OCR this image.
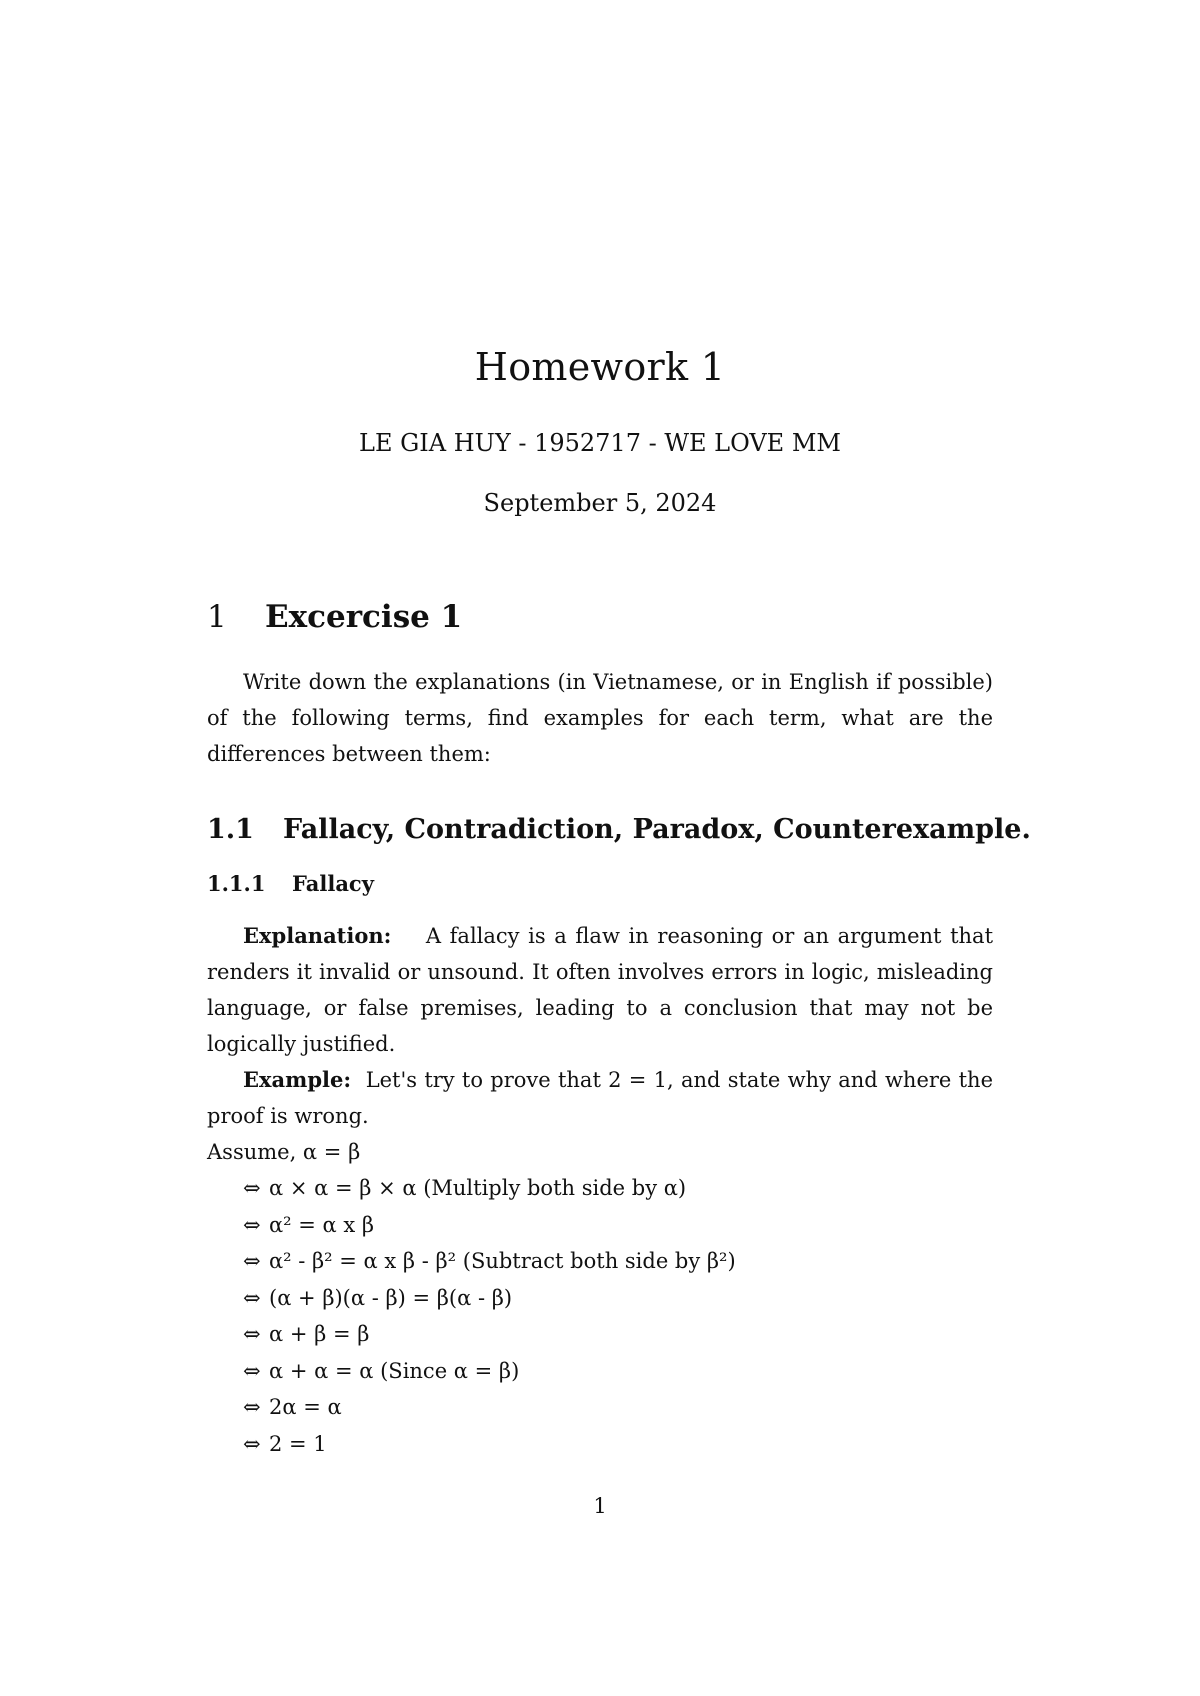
Homework 1
LE GIA HUY - 1952717 - WE LOVE MM
September 5, 2024
1 Excercise 1
Write down the explanations (in Vietnamese, or in English if possible) of the following terms, find examples for each term, what are the differences between them:
1.1 Fallacy, Contradiction, Paradox, Counterexample.
1.1.1 Fallacy
Explanation: A fallacy is a flaw in reasoning or an argument that renders it invalid or unsound. It often involves errors in logic, misleading language, or false premises, leading to a conclusion that may not be logically justified.
Example: Let's try to prove that 2 = 1, and state why and where the proof is wrong.
Assume, α = β
⇔ α × α = β × α (Multiply both side by α)
⇔ α² = α x β
⇔ α² - β² = α x β - β² (Subtract both side by β²)
⇔ (α + β)(α - β) = β(α - β)
⇔ α + β = β
⇔ α + α = α (Since α = β)
⇔ 2α = α
⇔ 2 = 1
1
